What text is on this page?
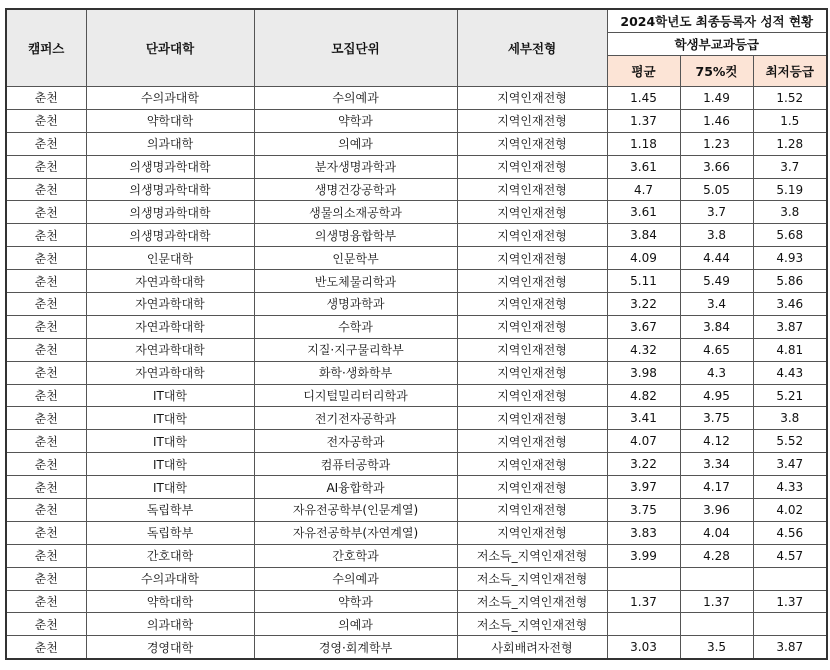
캠퍼스	단과대학	모집단위	세부전형	2024학년도 최종등록자 성적 현황		
				학생부교과등급		
				평균	75%컷	최저등급
춘천	수의과대학	수의예과	지역인재전형	1.45	1.49	1.52
춘천	약학대학	약학과	지역인재전형	1.37	1.46	1.5
춘천	의과대학	의예과	지역인재전형	1.18	1.23	1.28
춘천	의생명과학대학	분자생명과학과	지역인재전형	3.61	3.66	3.7
춘천	의생명과학대학	생명건강공학과	지역인재전형	4.7	5.05	5.19
춘천	의생명과학대학	생물의소재공학과	지역인재전형	3.61	3.7	3.8
춘천	의생명과학대학	의생명융합학부	지역인재전형	3.84	3.8	5.68
춘천	인문대학	인문학부	지역인재전형	4.09	4.44	4.93
춘천	자연과학대학	반도체물리학과	지역인재전형	5.11	5.49	5.86
춘천	자연과학대학	생명과학과	지역인재전형	3.22	3.4	3.46
춘천	자연과학대학	수학과	지역인재전형	3.67	3.84	3.87
춘천	자연과학대학	지질·지구물리학부	지역인재전형	4.32	4.65	4.81
춘천	자연과학대학	화학·생화학부	지역인재전형	3.98	4.3	4.43
춘천	IT대학	디지털밀리터리학과	지역인재전형	4.82	4.95	5.21
춘천	IT대학	전기전자공학과	지역인재전형	3.41	3.75	3.8
춘천	IT대학	전자공학과	지역인재전형	4.07	4.12	5.52
춘천	IT대학	컴퓨터공학과	지역인재전형	3.22	3.34	3.47
춘천	IT대학	AI융합학과	지역인재전형	3.97	4.17	4.33
춘천	독립학부	자유전공학부(인문계열)	지역인재전형	3.75	3.96	4.02
춘천	독립학부	자유전공학부(자연계열)	지역인재전형	3.83	4.04	4.56
춘천	간호대학	간호학과	저소득_지역인재전형	3.99	4.28	4.57
춘천	수의과대학	수의예과	저소득_지역인재전형			
춘천	약학대학	약학과	저소득_지역인재전형	1.37	1.37	1.37
춘천	의과대학	의예과	저소득_지역인재전형			
춘천	경영대학	경영·회계학부	사회배려자전형	3.03	3.5	3.87
